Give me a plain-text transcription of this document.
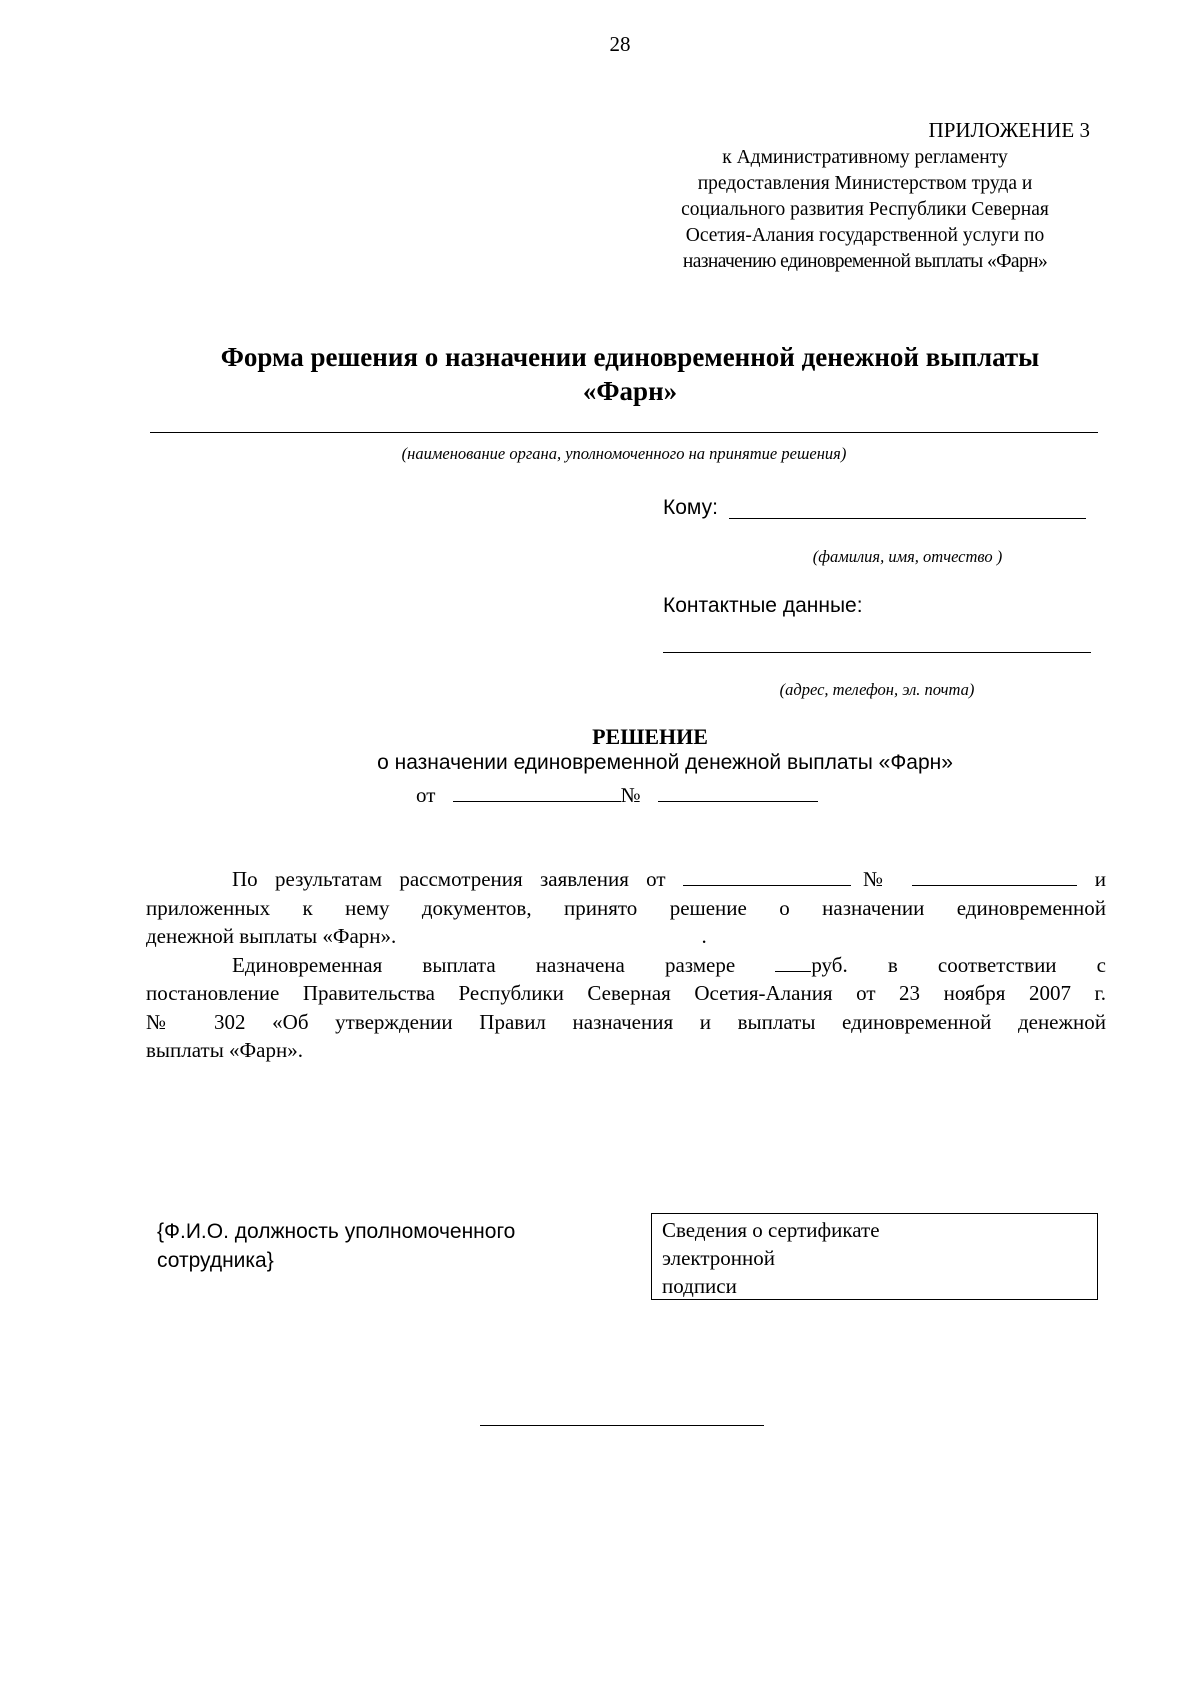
28
ПРИЛОЖЕНИЕ 3
к Административному регламенту
предоставления Министерством труда и
социального развития Республики Северная
Осетия-Алания государственной услуги по
назначению единовременной выплаты «Фарн»
Форма решения о назначении единовременной денежной выплаты
«Фарн»
(наименование органа, уполномоченного на принятие решения)
Кому:
(фамилия, имя, отчество )
Контактные данные:
(адрес, телефон, эл. почта)
РЕШЕНИЕ
о назначении единовременной денежной выплаты «Фарн»
от	№

По результатам рассмотрения заявления от	№	и

приложенных к нему документов, принято решение о назначении единовременной

денежной выплаты «Фарн».	.

Единовременная выплата назначена размере	руб. в соответствии с

постановление Правительства Республики Северная Осетия-Алания от 23 ноября 2007 г.

№ 302 «Об утверждении Правил назначения и выплаты единовременной денежной

выплаты «Фарн».

{Ф.И.О. должность уполномоченного
сотрудника}
Сведения о сертификате
электронной
подписи
